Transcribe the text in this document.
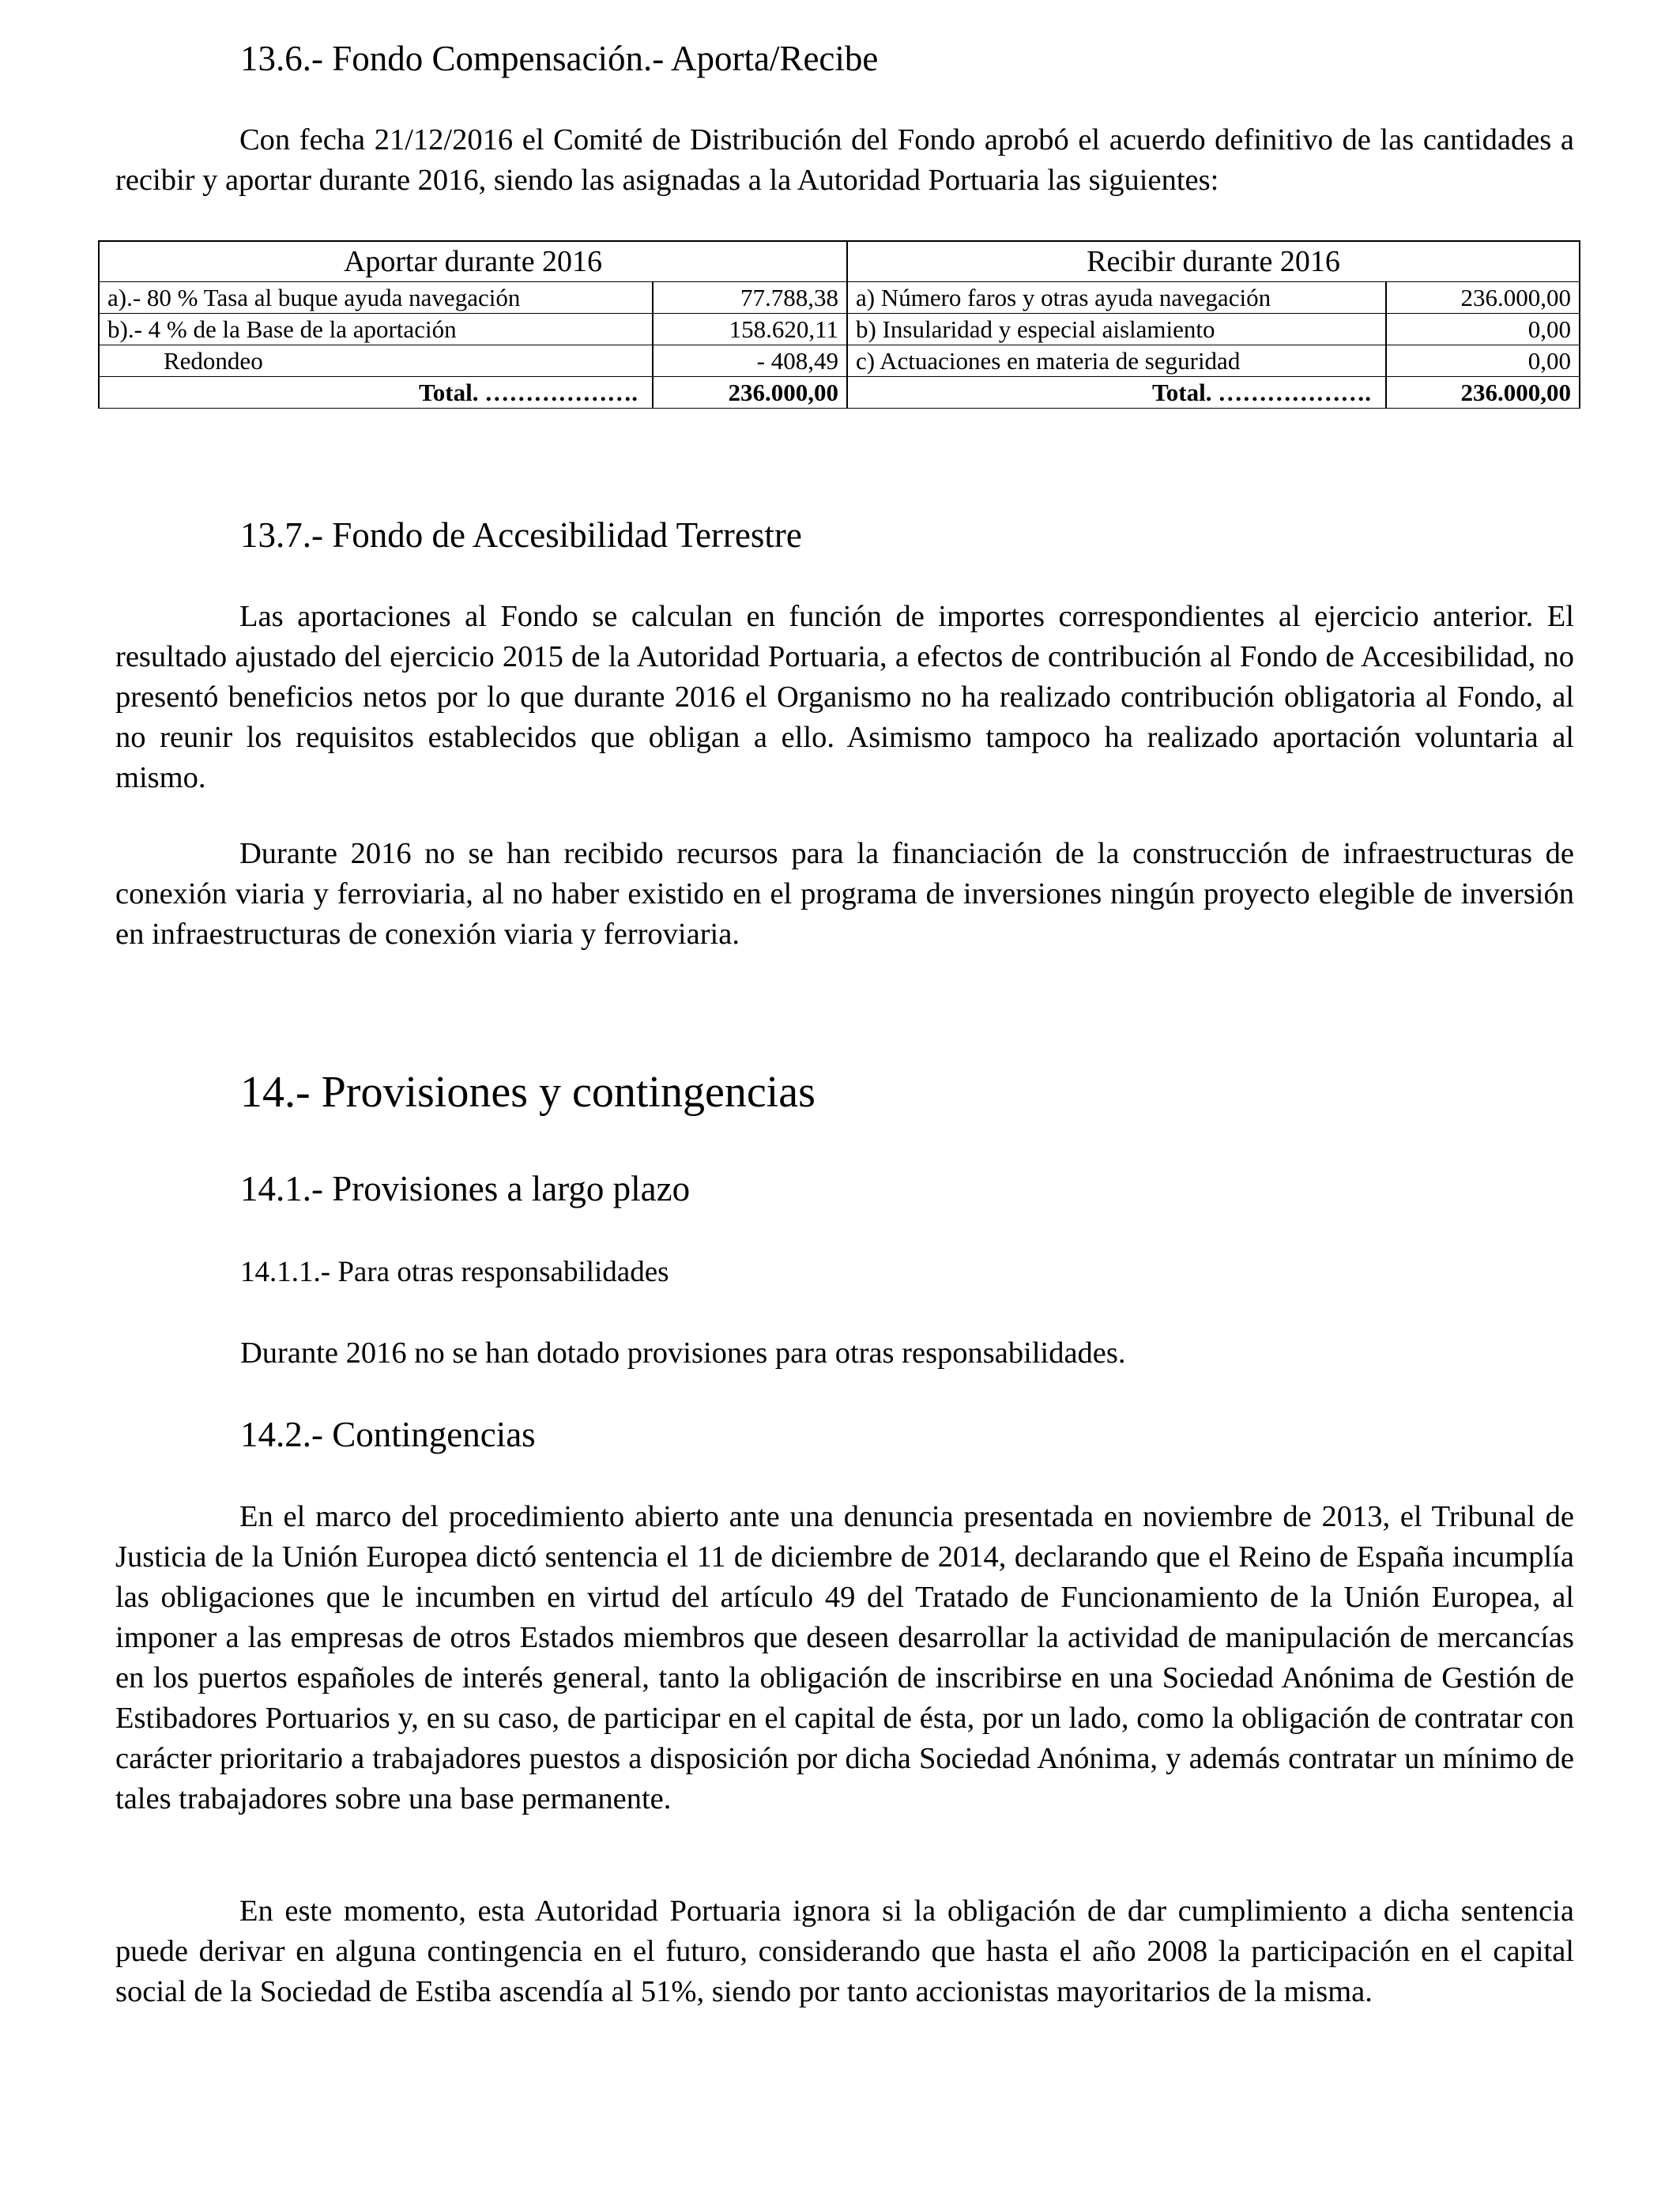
13.6.- Fondo Compensación.- Aporta/Recibe
Con fecha 21/12/2016 el Comité de Distribución del Fondo aprobó el acuerdo definitivo de las cantidades a recibir y aportar durante 2016, siendo las asignadas a la Autoridad Portuaria las siguientes:
Aportar durante 2016		Recibir durante 2016	
a).- 80 % Tasa al buque ayuda navegación	77.788,38	a) Número faros y otras ayuda navegación	236.000,00
b).- 4 % de la Base de la aportación	158.620,11	b) Insularidad y especial aislamiento	0,00
Redondeo	- 408,49	c) Actuaciones en materia de seguridad	0,00
Total. ……………….	236.000,00	Total. ……………….	236.000,00
13.7.- Fondo de Accesibilidad Terrestre
Las aportaciones al Fondo se calculan en función de importes correspondientes al ejercicio anterior. El resultado ajustado del ejercicio 2015 de la Autoridad Portuaria, a efectos de contribución al Fondo de Accesibilidad, no presentó beneficios netos por lo que durante 2016 el Organismo no ha realizado contribución obligatoria al Fondo, al no reunir los requisitos establecidos que obligan a ello. Asimismo tampoco ha realizado aportación voluntaria al mismo.
Durante 2016 no se han recibido recursos para la financiación de la construcción de infraestructuras de conexión viaria y ferroviaria, al no haber existido en el programa de inversiones ningún proyecto elegible de inversión en infraestructuras de conexión viaria y ferroviaria.
14.- Provisiones y contingencias
14.1.- Provisiones a largo plazo
14.1.1.- Para otras responsabilidades
Durante 2016 no se han dotado provisiones para otras responsabilidades.
14.2.- Contingencias
En el marco del procedimiento abierto ante una denuncia presentada en noviembre de 2013, el Tribunal de Justicia de la Unión Europea dictó sentencia el 11 de diciembre de 2014, declarando que el Reino de España incumplía las obligaciones que le incumben en virtud del artículo 49 del Tratado de Funcionamiento de la Unión Europea, al imponer a las empresas de otros Estados miembros que deseen desarrollar la actividad de manipulación de mercancías en los puertos españoles de interés general, tanto la obligación de inscribirse en una Sociedad Anónima de Gestión de Estibadores Portuarios y, en su caso, de participar en el capital de ésta, por un lado, como la obligación de contratar con carácter prioritario a trabajadores puestos a disposición por dicha Sociedad Anónima, y además contratar un mínimo de tales trabajadores sobre una base permanente.
En este momento, esta Autoridad Portuaria ignora si la obligación de dar cumplimiento a dicha sentencia puede derivar en alguna contingencia en el futuro, considerando que hasta el año 2008 la participación en el capital social de la Sociedad de Estiba ascendía al 51%, siendo por tanto accionistas mayoritarios de la misma.
